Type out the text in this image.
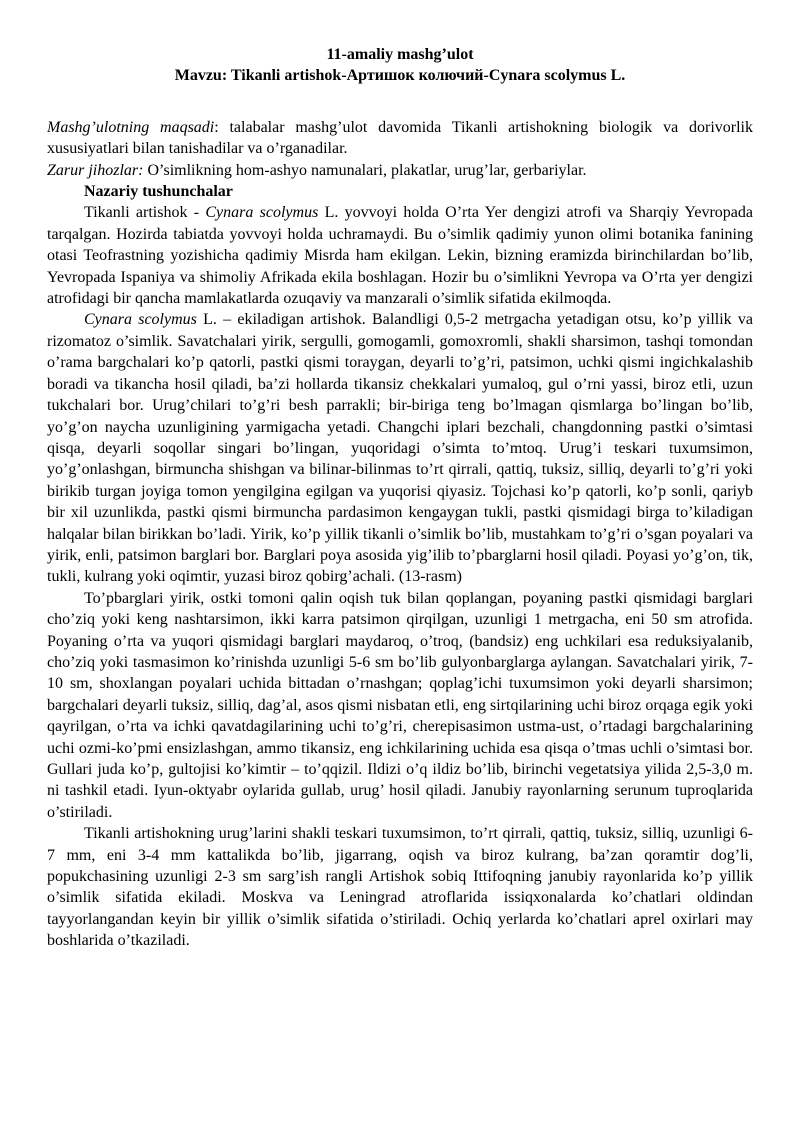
11-amaliy mashg’ulot

Mavzu: Tikanli artishok-Артишок колючий-Cynara scolymus L.

Mashg’ulotning maqsadi: talabalar mashg’ulot davomida Tikanli artishokning biologik va dorivorlik xususiyatlari bilan tanishadilar va o’rganadilar.

Zarur jihozlar: O’simlikning hom-ashyo namunalari, plakatlar, urug’lar, gerbariylar.

Nazariy tushunchalar

Tikanli artishok - Cynara scolymus L. yovvoyi holda O’rta Yer dengizi atrofi va Sharqiy Yevropada tarqalgan. Hozirda tabiatda yovvoyi holda uchramaydi. Bu o’simlik qadimiy yunon olimi botanika fanining otasi Teofrastning yozishicha qadimiy Misrda ham ekilgan. Lekin, bizning eramizda birinchilardan bo’lib, Yevropada Ispaniya va shimoliy Afrikada ekila boshlagan. Hozir bu o’simlikni Yevropa va O’rta yer dengizi atrofidagi bir qancha mamlakatlarda ozuqaviy va manzarali o’simlik sifatida ekilmoqda.

Cynara scolymus L. – ekiladigan artishok. Balandligi 0,5-2 metrgacha yetadigan otsu, ko’p yillik va rizomatoz o’simlik. Savatchalari yirik, sergulli, gomogamli, gomoxromli, shakli sharsimon, tashqi tomondan o’rama bargchalari ko’p qatorli, pastki qismi toraygan, deyarli to’g’ri, patsimon, uchki qismi ingichkalashib boradi va tikancha hosil qiladi, ba’zi hollarda tikansiz chekkalari yumaloq, gul o’rni yassi, biroz etli, uzun tukchalari bor. Urug’chilari to’g’ri besh parrakli; bir-biriga teng bo’lmagan qismlarga bo’lingan bo’lib, yo’g’on naycha uzunligining yarmigacha yetadi. Changchi iplari bezchali, changdonning pastki o’simtasi qisqa, deyarli soqollar singari bo’lingan, yuqoridagi o’simta to’mtoq. Urug’i teskari tuxumsimon, yo’g’onlashgan, birmuncha shishgan va bilinar-bilinmas to’rt qirrali, qattiq, tuksiz, silliq, deyarli to’g’ri yoki birikib turgan joyiga tomon yengilgina egilgan va yuqorisi qiyasiz. Tojchasi ko’p qatorli, ko’p sonli, qariyb bir xil uzunlikda, pastki qismi birmuncha pardasimon kengaygan tukli, pastki qismidagi birga to’kiladigan halqalar bilan birikkan bo’ladi. Yirik, ko’p yillik tikanli o’simlik bo’lib, mustahkam to’g’ri o’sgan poyalari va yirik, enli, patsimon barglari bor. Barglari poya asosida yig’ilib to’pbarglarni hosil qiladi. Poyasi yo’g’on, tik, tukli, kulrang yoki oqimtir, yuzasi biroz qobirg’achali. (13-rasm)

To’pbarglari yirik, ostki tomoni qalin oqish tuk bilan qoplangan, poyaning pastki qismidagi barglari cho’ziq yoki keng nashtarsimon, ikki karra patsimon qirqilgan, uzunligi 1 metrgacha, eni 50 sm atrofida. Poyaning o’rta va yuqori qismidagi barglari maydaroq, o’troq, (bandsiz) eng uchkilari esa reduksiyalanib, cho’ziq yoki tasmasimon ko’rinishda uzunligi 5-6 sm bo’lib gulyonbarglarga aylangan. Savatchalari yirik, 7-10 sm, shoxlangan poyalari uchida bittadan o’rnashgan; qoplag’ichi tuxumsimon yoki deyarli sharsimon; bargchalari deyarli tuksiz, silliq, dag’al, asos qismi nisbatan etli, eng sirtqilarining uchi biroz orqaga egik yoki qayrilgan, o’rta va ichki qavatdagilarining uchi to’g’ri, cherepisasimon ustma-ust, o’rtadagi bargchalarining uchi ozmi-ko’pmi ensizlashgan, ammo tikansiz, eng ichkilarining uchida esa qisqa o’tmas uchli o’simtasi bor. Gullari juda ko’p, gultojisi ko’kimtir – to’qqizil. Ildizi o’q ildiz bo’lib, birinchi vegetatsiya yilida 2,5-3,0 m. ni tashkil etadi. Iyun-oktyabr oylarida gullab, urug’ hosil qiladi. Janubiy rayonlarning serunum tuproqlarida o’stiriladi.

Tikanli artishokning urug’larini shakli teskari tuxumsimon, to’rt qirrali, qattiq, tuksiz, silliq, uzunligi 6-7 mm, eni 3-4 mm kattalikda bo’lib, jigarrang, oqish va biroz kulrang, ba’zan qoramtir dog’li, popukchasining uzunligi 2-3 sm sarg’ish rangli Artishok sobiq Ittifoqning janubiy rayonlarida ko’p yillik o’simlik sifatida ekiladi. Moskva va Leningrad atroflarida issiqxonalarda ko’chatlari oldindan tayyorlangandan keyin bir yillik o’simlik sifatida o’stiriladi. Ochiq yerlarda ko’chatlari aprel oxirlari may boshlarida o’tkaziladi.
